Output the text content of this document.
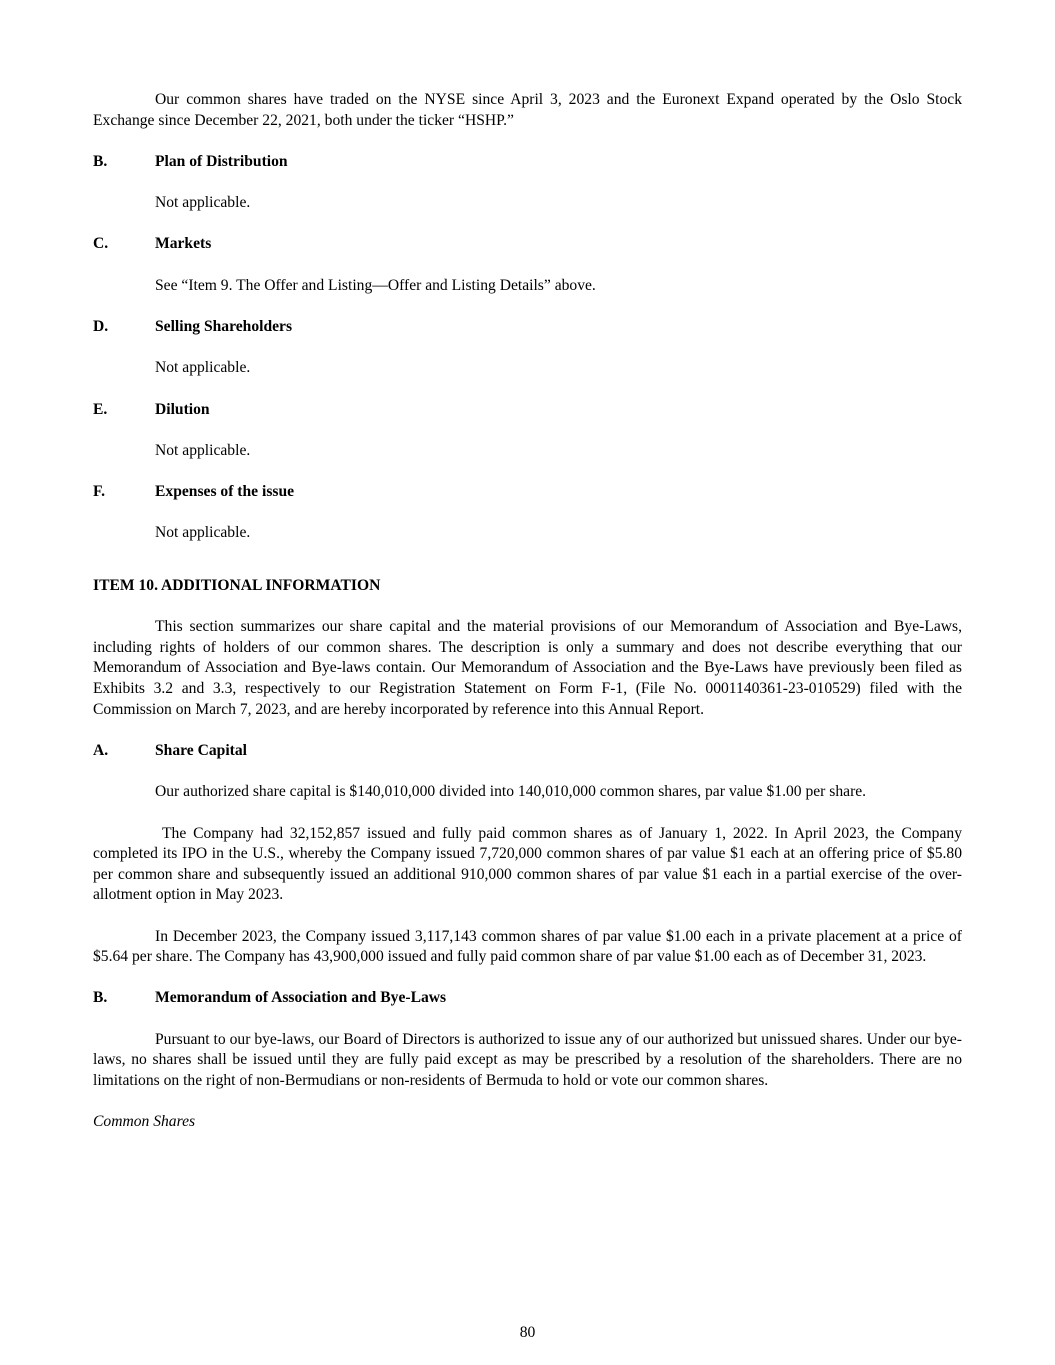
Our common shares have traded on the NYSE since April 3, 2023 and the Euronext Expand operated by the Oslo Stock Exchange since December 22, 2021, both under the ticker “HSHP.”

B.	Plan of Distribution

Not applicable.

C.	Markets

See “Item 9. The Offer and Listing—Offer and Listing Details” above.

D.	Selling Shareholders

Not applicable.

E.	Dilution

Not applicable.

F.	Expenses of the issue

Not applicable.

ITEM 10. ADDITIONAL INFORMATION

This section summarizes our share capital and the material provisions of our Memorandum of Association and Bye-Laws, including rights of holders of our common shares. The description is only a summary and does not describe everything that our Memorandum of Association and Bye-laws contain. Our Memorandum of Association and the Bye-Laws have previously been filed as Exhibits 3.2 and 3.3, respectively to our Registration Statement on Form F-1, (File No. 0001140361-23-010529) filed with the Commission on March 7, 2023, and are hereby incorporated by reference into this Annual Report.

A.	Share Capital

Our authorized share capital is $140,010,000 divided into 140,010,000 common shares, par value $1.00 per share.

The Company had 32,152,857 issued and fully paid common shares as of January 1, 2022. In April 2023, the Company completed its IPO in the U.S., whereby the Company issued 7,720,000 common shares of par value $1 each at an offering price of $5.80 per common share and subsequently issued an additional 910,000 common shares of par value $1 each in a partial exercise of the over-allotment option in May 2023.

In December 2023, the Company issued 3,117,143 common shares of par value $1.00 each in a private placement at a price of $5.64 per share. The Company has 43,900,000 issued and fully paid common share of par value $1.00 each as of December 31, 2023.

B.	Memorandum of Association and Bye-Laws

Pursuant to our bye-laws, our Board of Directors is authorized to issue any of our authorized but unissued shares. Under our bye-laws, no shares shall be issued until they are fully paid except as may be prescribed by a resolution of the shareholders. There are no limitations on the right of non-Bermudians or non-residents of Bermuda to hold or vote our common shares.

Common Shares

80
